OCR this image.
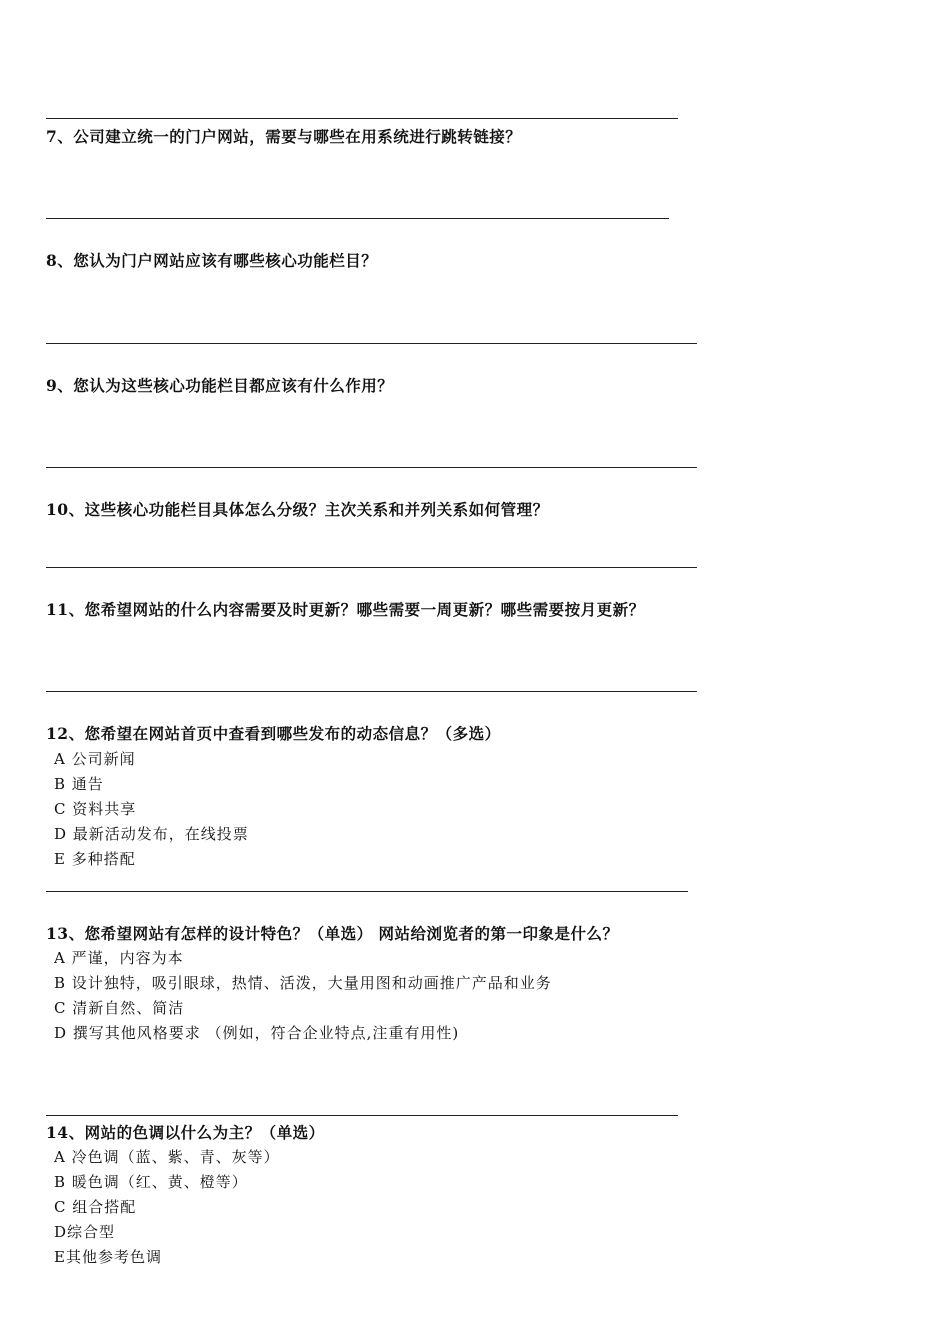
7、公司建立统一的门户网站，需要与哪些在用系统进行跳转链接？
8、您认为门户网站应该有哪些核心功能栏目？
9、您认为这些核心功能栏目都应该有什么作用？
10、这些核心功能栏目具体怎么分级？主次关系和并列关系如何管理？
11、您希望网站的什么内容需要及时更新？哪些需要一周更新？哪些需要按月更新？
12、您希望在网站首页中查看到哪些发布的动态信息？（多选）
A 公司新闻
B 通告
C 资料共享
D 最新活动发布，在线投票
E 多种搭配
13、您希望网站有怎样的设计特色？（单选） 网站给浏览者的第一印象是什么？
A 严谨，内容为本
B 设计独特，吸引眼球，热情、活泼，大量用图和动画推广产品和业务
C 清新自然、简洁
D 撰写其他风格要求 （例如，符合企业特点,注重有用性)
14、网站的色调以什么为主？（单选）
A 冷色调（蓝、紫、青、灰等）
B 暖色调（红、黄、橙等）
C 组合搭配
D综合型
E其他参考色调
